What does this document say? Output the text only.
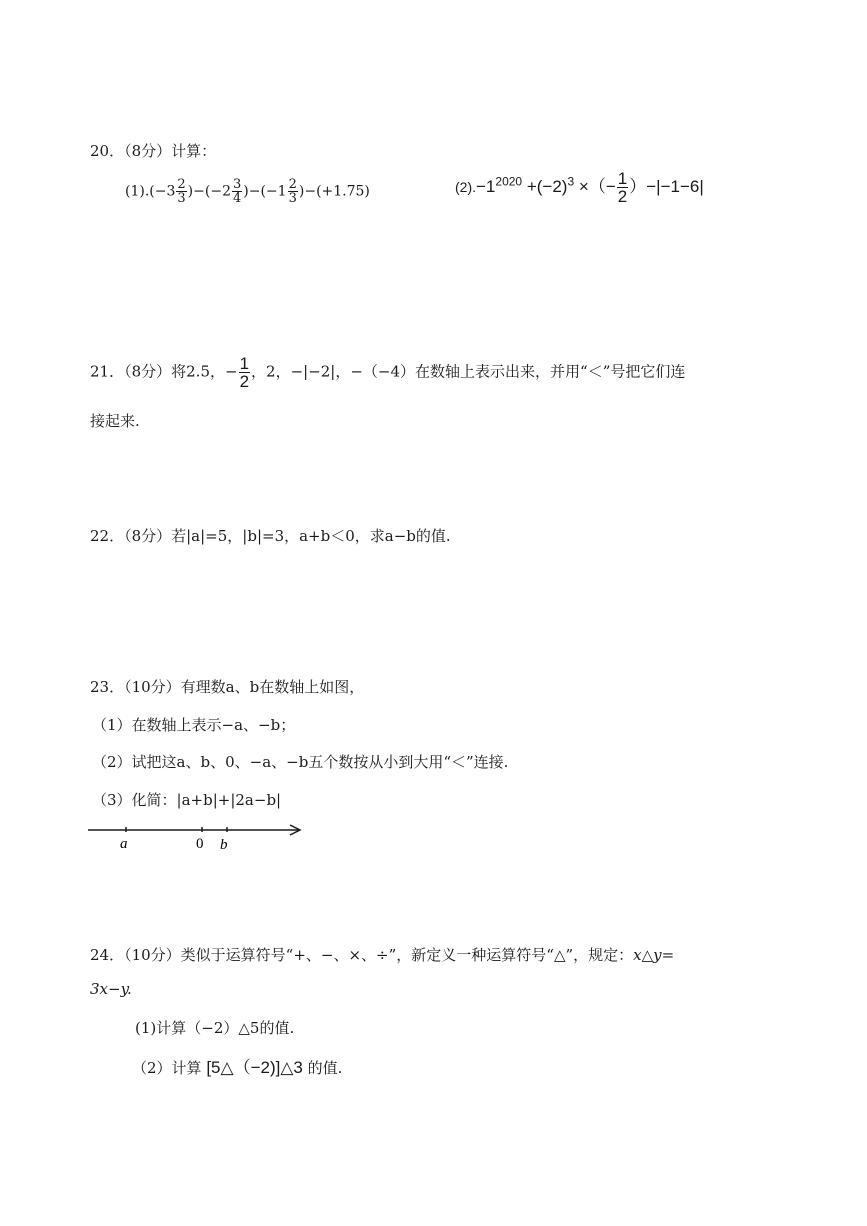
20．（8分）计算：
$(1).(-3 \frac{2}{3} )-(-2 \frac{3}{4} )-(-1 \frac{2}{3} )-(+1.75)$	$(2).-1^{2020} +(-2)^3$ ×（− $\frac{1}{2} )-|-1-6|$
21．（8分）将2.5，− $\frac{1}{2}$ ，2，−|−2|，−（−4）在数轴上表示出来，并用“＜”号把它们连
接起来.
22．（8分）若|a|=5，|b|=3，a+b＜0，求a−b的值.
23．（10分）有理数a、b在数轴上如图，
（1）在数轴上表示−a、−b；
（2）试把这a、b、0、−a、−b五个数按从小到大用“＜”连接.
（3）化简：|a+b|+|2a−b|
a	0 b
24．（10分）类似于运算符号“+、−、×、÷”，新定义一种运算符号“△”，规定：x△y=
3x−y.
(1)计算（−2）△5的值.
（2）计算 [5△（−2)]△3 的值.
